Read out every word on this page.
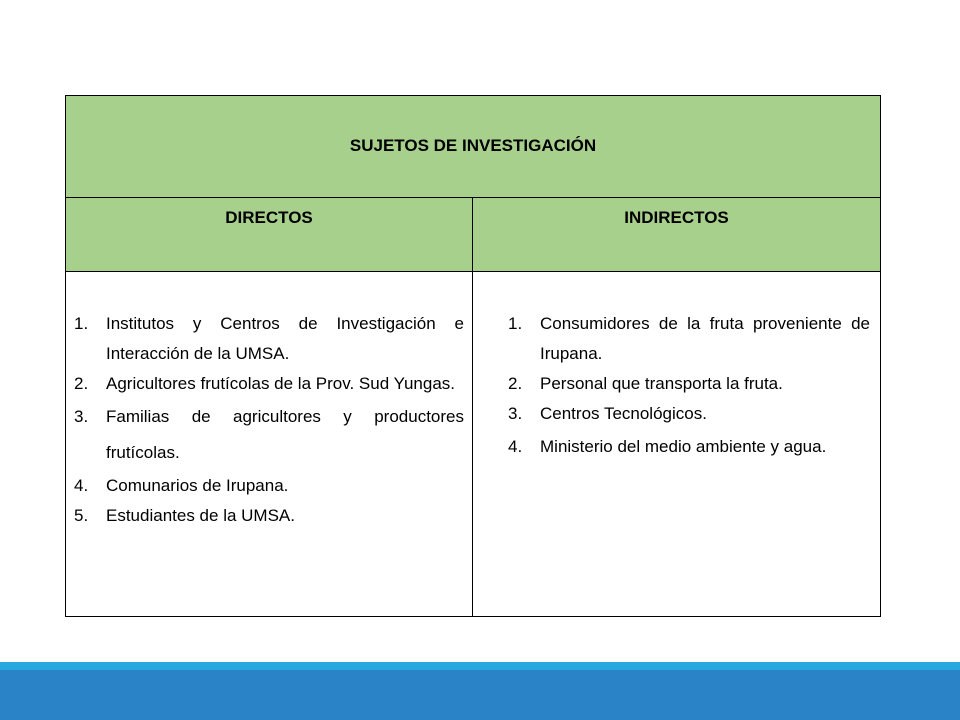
SUJETOS DE INVESTIGACIÓN
DIRECTOS	INDIRECTOS
1. Institutos y Centros de Investigación e Interacción de la UMSA.
2. Agricultores frutícolas de la Prov. Sud Yungas.
3. Familias de agricultores y productores frutícolas.
4. Comunarios de Irupana.
5. Estudiantes de la UMSA.
1. Consumidores de la fruta proveniente de Irupana.
2. Personal que transporta la fruta.
3. Centros Tecnológicos.
4. Ministerio del medio ambiente y agua.
